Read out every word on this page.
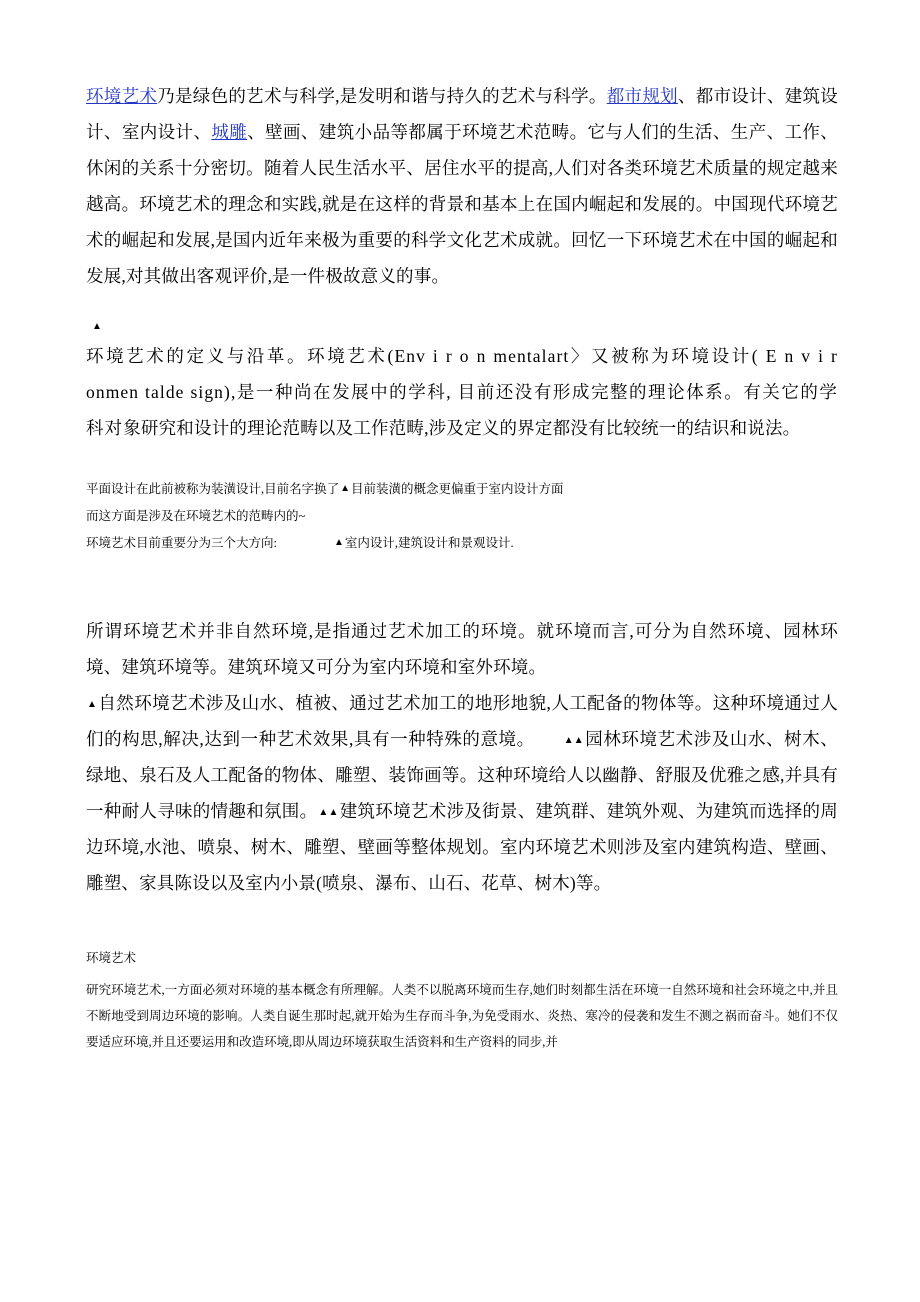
环境艺术乃是绿色的艺术与科学,是发明和谐与持久的艺术与科学。都市规划、都市设计、建筑设计、室内设计、城雕、壁画、建筑小品等都属于环境艺术范畴。它与人们的生活、生产、工作、休闲的关系十分密切。随着人民生活水平、居住水平的提高,人们对各类环境艺术质量的规定越来越高。环境艺术的理念和实践,就是在这样的背景和基本上在国内崛起和发展的。中国现代环境艺术的崛起和发展,是国内近年来极为重要的科学文化艺术成就。回忆一下环境艺术在中国的崛起和发展,对其做出客观评价,是一件极故意义的事。

▲

环境艺术的定义与沿革。环境艺术(Env i r o n mentalart〉又被称为环境设计( E n v i r onmen talde sign),是一种尚在发展中的学科, 目前还没有形成完整的理论体系。有关它的学科对象研究和设计的理论范畴以及工作范畴,涉及定义的界定都没有比较统一的结识和说法。

平面设计在此前被称为装潢设计,目前名字换了▲目前装潢的概念更偏重于室内设计方面

而这方面是涉及在环境艺术的范畴内的~

环境艺术目前重要分为三个大方向:	▲室内设计,建筑设计和景观设计.

所谓环境艺术并非自然环境,是指通过艺术加工的环境。就环境而言,可分为自然环境、园林环境、建筑环境等。建筑环境又可分为室内环境和室外环境。

▲自然环境艺术涉及山水、植被、通过艺术加工的地形地貌,人工配备的物体等。这种环境通过人们的构思,解决,达到一种艺术效果,具有一种特殊的意境。	▲▲园林环境艺术涉及山水、树木、绿地、泉石及人工配备的物体、雕塑、装饰画等。这种环境给人以幽静、舒服及优雅之感,并具有一种耐人寻味的情趣和氛围。▲▲建筑环境艺术涉及街景、建筑群、建筑外观、为建筑而选择的周边环境,水池、喷泉、树木、雕塑、壁画等整体规划。室内环境艺术则涉及室内建筑构造、壁画、雕塑、家具陈设以及室内小景(喷泉、瀑布、山石、花草、树木)等。

环境艺术

研究环境艺术,一方面必须对环境的基本概念有所理解。人类不以脱离环境而生存,她们时刻都生活在环境一自然环境和社会环境之中,并且不断地受到周边环境的影响。人类自诞生那时起,就开始为生存而斗争,为免受雨水、炎热、寒冷的侵袭和发生不测之祸而奋斗。她们不仅要适应环境,并且还要运用和改造环境,即从周边环境获取生活资料和生产资料的同步,并
